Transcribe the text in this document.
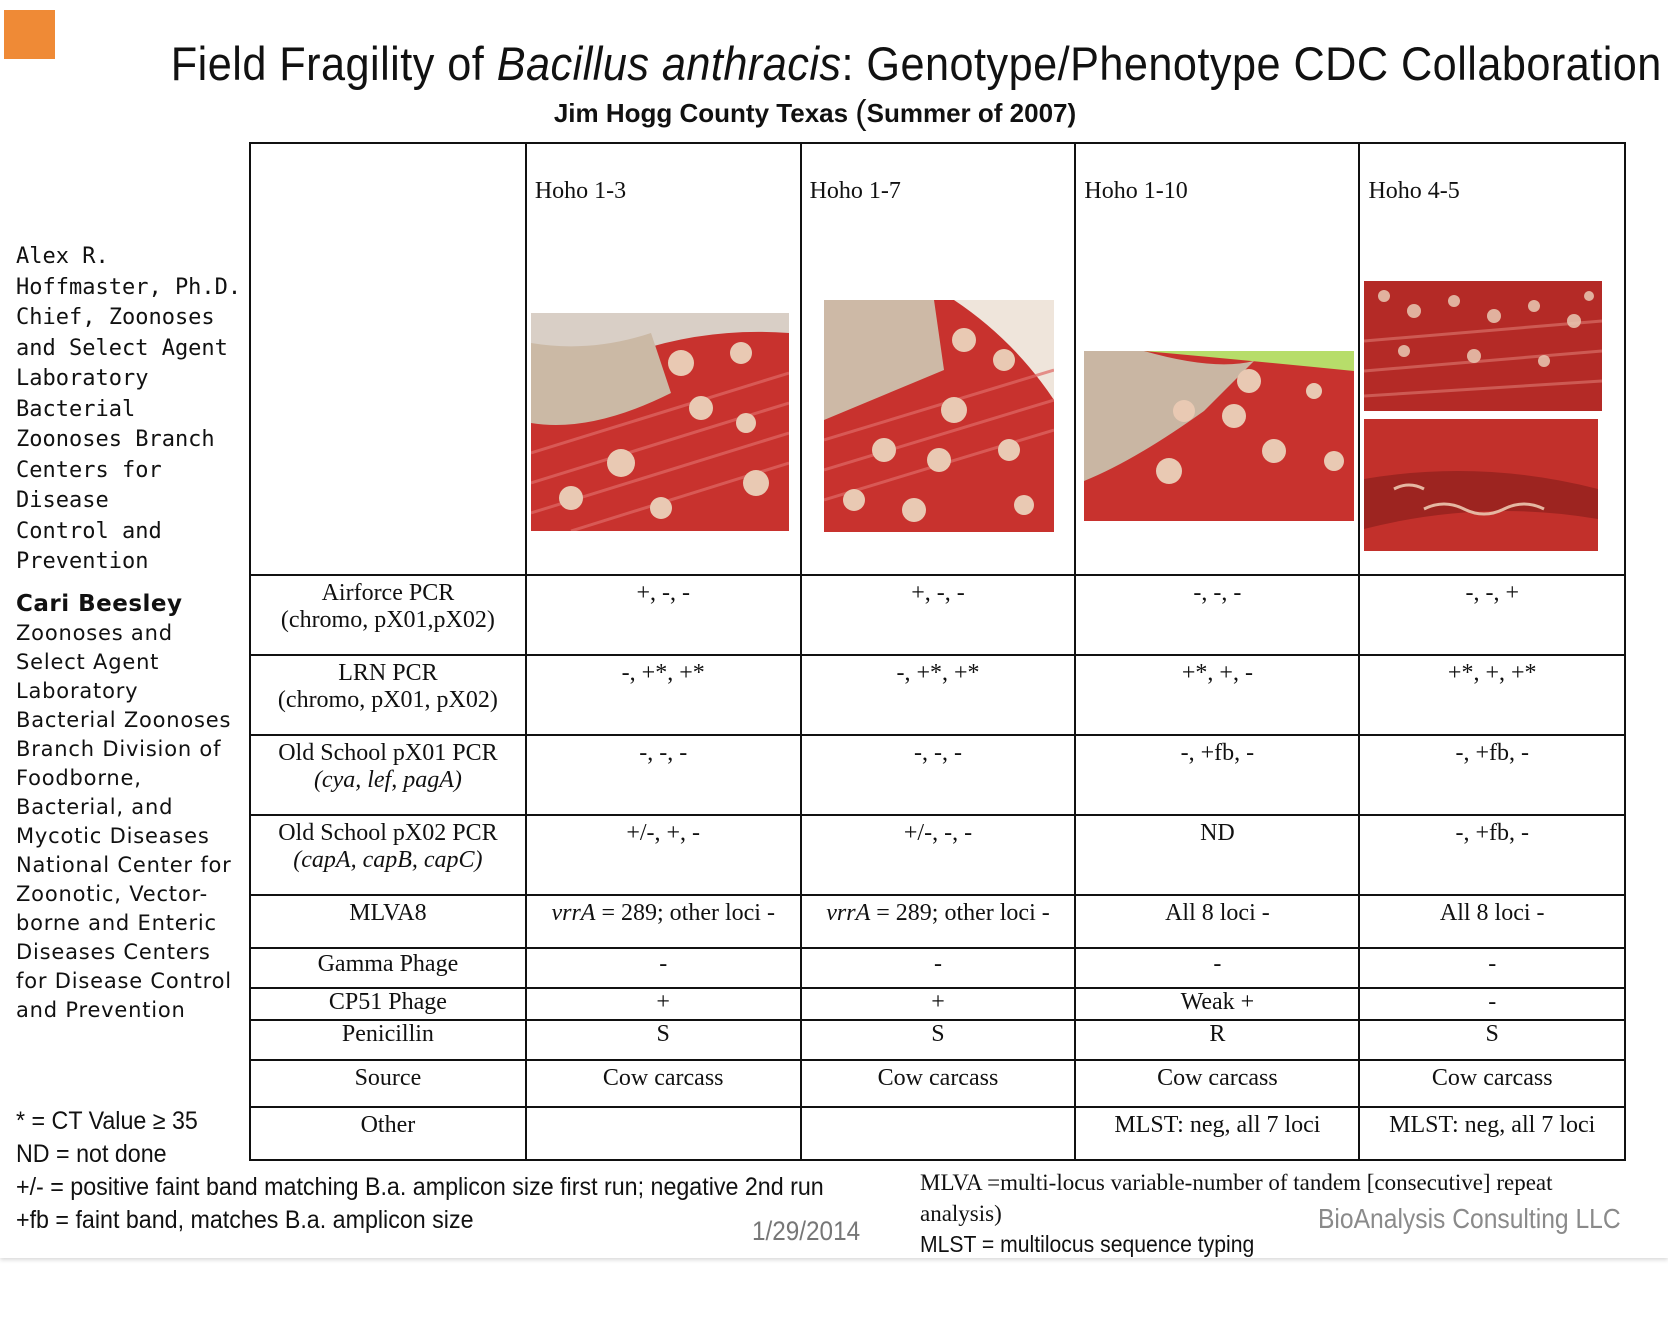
Field Fragility of Bacillus anthracis: Genotype/Phenotype CDC Collaboration
Jim Hogg County Texas (Summer of 2007)
Alex R.
Hoffmaster, Ph.D.
Chief, Zoonoses
and Select Agent
Laboratory
Bacterial
Zoonoses Branch
Centers for Disease
Control and
Prevention
Cari Beesley
Zoonoses and Select Agent Laboratory Bacterial Zoonoses Branch Division of Foodborne, Bacterial, and Mycotic Diseases National Center for Zoonotic, Vector-borne and Enteric Diseases Centers for Disease Control and Prevention

	Hoho 1-3	Hoho 1-7	Hoho 1-10	Hoho 4-5

Airforce PCR
(chromo, pX01,pX02)	+, -, -	+, -, -	-, -, -	-, -, +

LRN PCR
(chromo, pX01, pX02)	-, +*, +*	-, +*, +*	+*, +, -	+*, +, +*

Old School pX01 PCR
(cya, lef, pagA)	-, -, -	-, -, -	-, +fb, -	-, +fb, -

Old School pX02 PCR
(capA, capB, capC)	+/-, +, -	+/-, -, -	ND	-, +fb, -
MLVA8	vrrA = 289; other loci -	vrrA = 289; other loci -	All 8 loci -	All 8 loci -
Gamma Phage	-	-	-	-
CP51 Phage	+	+	Weak +	-
Penicillin	S	S	R	S
Source	Cow carcass	Cow carcass	Cow carcass	Cow carcass
Other			MLST: neg, all 7 loci	MLST: neg, all 7 loci
* = CT Value ≥ 35
ND = not done
+/- = positive faint band matching B.a. amplicon size first run; negative 2nd run
+fb = faint band, matches B.a. amplicon size	1/29/2014
MLVA =multi-locus variable-number of tandem [consecutive] repeat analysis)
MLST = multilocus sequence typing
BioAnalysis Consulting LLC
